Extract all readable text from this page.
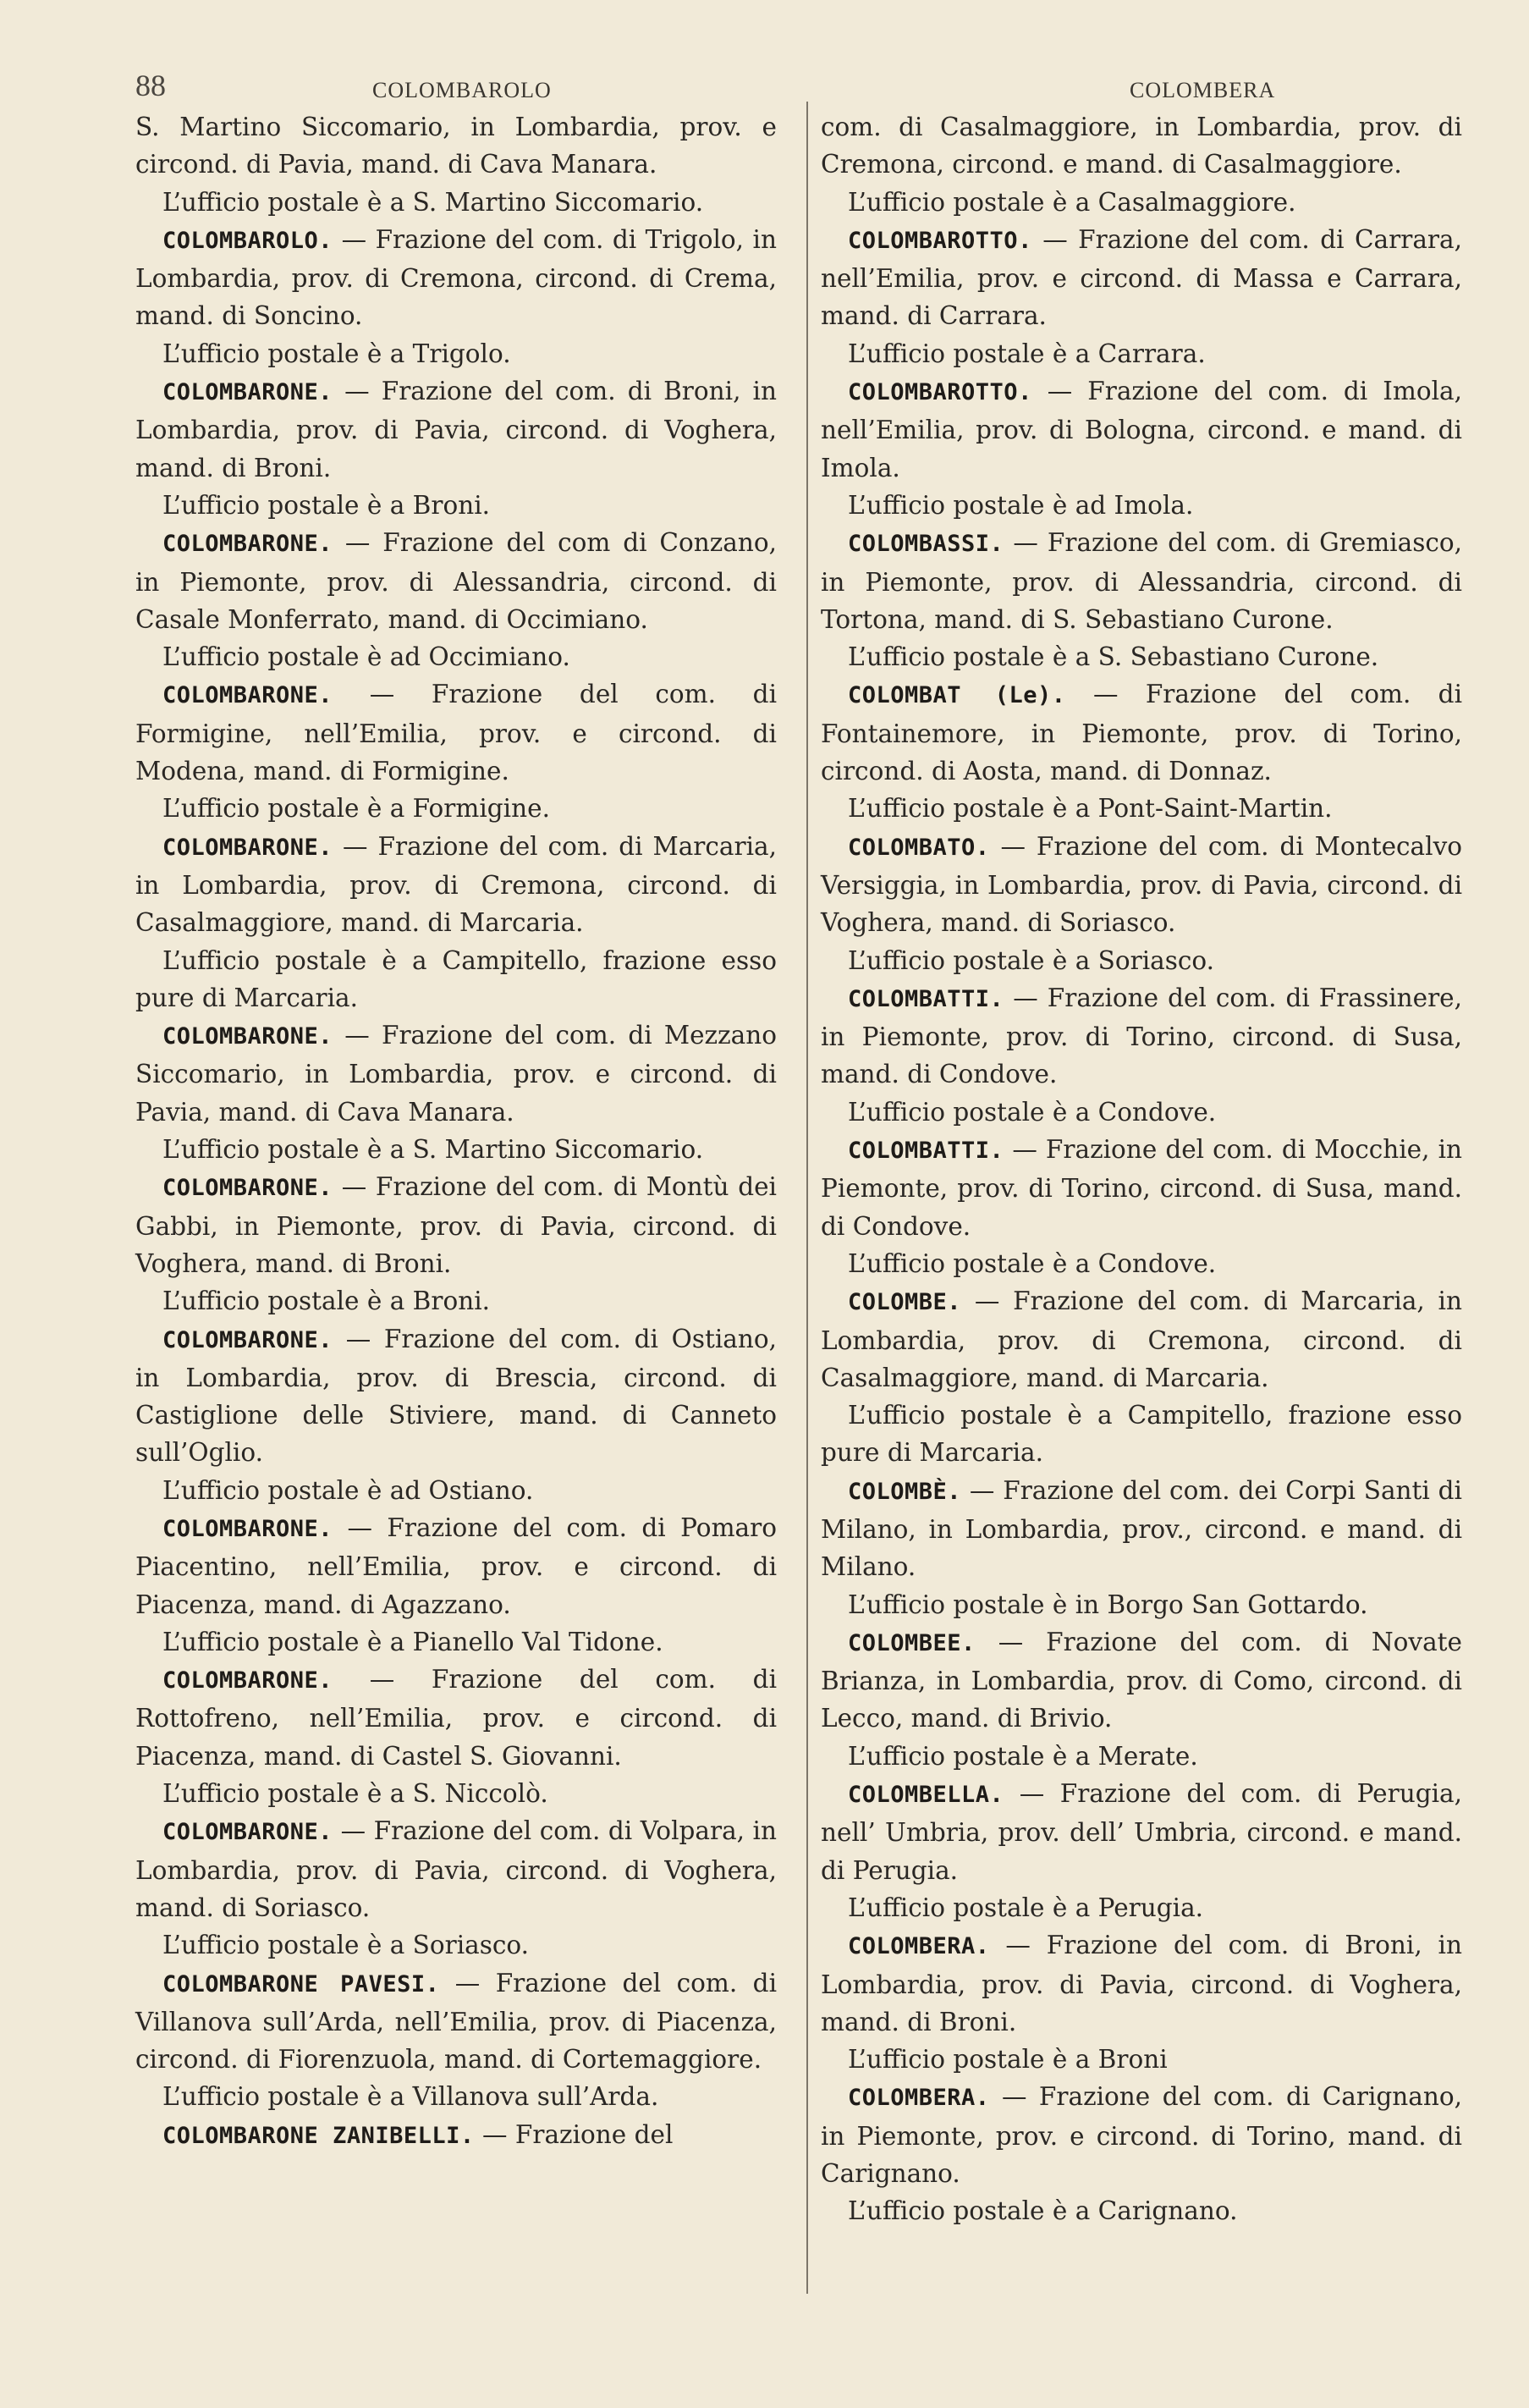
88	COLOMBAROLO	COLOMBERA

S. Martino Siccomario, in Lombardia, prov. e circond. di Pavia, mand. di Cava Manara.

L’ufficio postale è a S. Martino Siccomario.

COLOMBAROLO. — Frazione del com. di Trigolo, in Lombardia, prov. di Cremona, circond. di Crema, mand. di Soncino.

L’ufficio postale è a Trigolo.

COLOMBARONE. — Frazione del com. di Broni, in Lombardia, prov. di Pavia, circond. di Voghera, mand. di Broni.

L’ufficio postale è a Broni.

COLOMBARONE. — Frazione del com di Conzano, in Piemonte, prov. di Alessandria, circond. di Casale Monferrato, mand. di Occimiano.

L’ufficio postale è ad Occimiano.

COLOMBARONE. — Frazione del com. di Formigine, nell’Emilia, prov. e circond. di Modena, mand. di Formigine.

L’ufficio postale è a Formigine.

COLOMBARONE. — Frazione del com. di Marcaria, in Lombardia, prov. di Cremona, circond. di Casalmaggiore, mand. di Marcaria.

L’ufficio postale è a Campitello, frazione esso pure di Marcaria.

COLOMBARONE. — Frazione del com. di Mezzano Siccomario, in Lombardia, prov. e circond. di Pavia, mand. di Cava Manara.

L’ufficio postale è a S. Martino Siccomario.

COLOMBARONE. — Frazione del com. di Montù dei Gabbi, in Piemonte, prov. di Pavia, circond. di Voghera, mand. di Broni.

L’ufficio postale è a Broni.

COLOMBARONE. — Frazione del com. di Ostiano, in Lombardia, prov. di Brescia, circond. di Castiglione delle Stiviere, mand. di Canneto sull’Oglio.

L’ufficio postale è ad Ostiano.

COLOMBARONE. — Frazione del com. di Pomaro Piacentino, nell’Emilia, prov. e circond. di Piacenza, mand. di Agazzano.

L’ufficio postale è a Pianello Val Tidone.

COLOMBARONE. — Frazione del com. di Rottofreno, nell’Emilia, prov. e circond. di Piacenza, mand. di Castel S. Giovanni.

L’ufficio postale è a S. Niccolò.

COLOMBARONE. — Frazione del com. di Volpara, in Lombardia, prov. di Pavia, circond. di Voghera, mand. di Soriasco.

L’ufficio postale è a Soriasco.

COLOMBARONE PAVESI. — Frazione del com. di Villanova sull’Arda, nell’Emilia, prov. di Piacenza, circond. di Fiorenzuola, mand. di Cortemaggiore.

L’ufficio postale è a Villanova sull’Arda.

COLOMBARONE ZANIBELLI. — Frazione del

com. di Casalmaggiore, in Lombardia, prov. di Cremona, circond. e mand. di Casalmaggiore.

L’ufficio postale è a Casalmaggiore.

COLOMBAROTTO. — Frazione del com. di Carrara, nell’Emilia, prov. e circond. di Massa e Carrara, mand. di Carrara.

L’ufficio postale è a Carrara.

COLOMBAROTTO. — Frazione del com. di Imola, nell’Emilia, prov. di Bologna, circond. e mand. di Imola.

L’ufficio postale è ad Imola.

COLOMBASSI. — Frazione del com. di Gremiasco, in Piemonte, prov. di Alessandria, circond. di Tortona, mand. di S. Sebastiano Curone.

L’ufficio postale è a S. Sebastiano Curone.

COLOMBAT (Le). — Frazione del com. di Fontainemore, in Piemonte, prov. di Torino, circond. di Aosta, mand. di Donnaz.

L’ufficio postale è a Pont-Saint-Martin.

COLOMBATO. — Frazione del com. di Montecalvo Versiggia, in Lombardia, prov. di Pavia, circond. di Voghera, mand. di Soriasco.

L’ufficio postale è a Soriasco.

COLOMBATTI. — Frazione del com. di Frassinere, in Piemonte, prov. di Torino, circond. di Susa, mand. di Condove.

L’ufficio postale è a Condove.

COLOMBATTI. — Frazione del com. di Mocchie, in Piemonte, prov. di Torino, circond. di Susa, mand. di Condove.

L’ufficio postale è a Condove.

COLOMBE. — Frazione del com. di Marcaria, in Lombardia, prov. di Cremona, circond. di Casalmaggiore, mand. di Marcaria.

L’ufficio postale è a Campitello, frazione esso pure di Marcaria.

COLOMBÈ. — Frazione del com. dei Corpi Santi di Milano, in Lombardia, prov., circond. e mand. di Milano.

L’ufficio postale è in Borgo San Gottardo.

COLOMBEE. — Frazione del com. di Novate Brianza, in Lombardia, prov. di Como, circond. di Lecco, mand. di Brivio.

L’ufficio postale è a Merate.

COLOMBELLA. — Frazione del com. di Perugia, nell’ Umbria, prov. dell’ Umbria, circond. e mand. di Perugia.

L’ufficio postale è a Perugia.

COLOMBERA. — Frazione del com. di Broni, in Lombardia, prov. di Pavia, circond. di Voghera, mand. di Broni.

L’ufficio postale è a Broni

COLOMBERA. — Frazione del com. di Carignano, in Piemonte, prov. e circond. di Torino, mand. di Carignano.

L’ufficio postale è a Carignano.
